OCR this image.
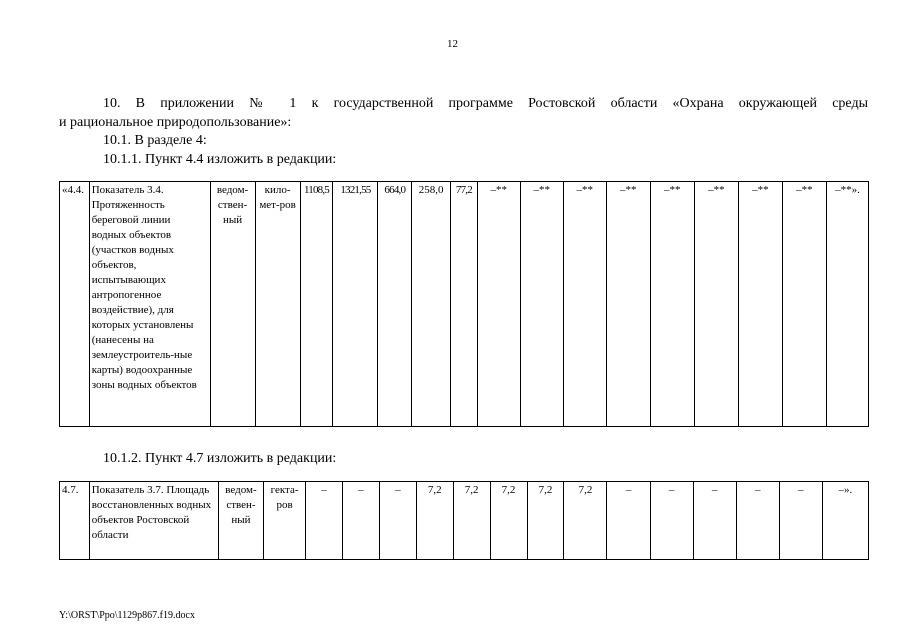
12
10. В приложении № 1 к государственной программе Ростовской области «Охрана окружающей среды
и рациональное природопользование»:
10.1. В разделе 4:
10.1.1. Пункт 4.4 изложить в редакции:
«4.4.	Показатель 3.4. Протяженность береговой линии водных объектов (участков водных объектов, испытывающих антропогенное воздействие), для которых установлены (нанесены на землеустроитель-ные карты) водоохранные зоны водных объектов	ведом-ствен-ный	кило-мет-ров	1108,5	1321,55	664,0	258,0	77,2	–**	–**	–**	–**	–**	–**	–**	–**	–**».
10.1.2. Пункт 4.7 изложить в редакции:
4.7.	Показатель 3.7. Площадь восстановленных водных объектов Ростовской области	ведом-ствен-ный	гекта-ров	–	–	–	7,2	7,2	7,2	7,2	7,2	–	–	–	–	–	–».
Y:\ORST\Ppo\1129p867.f19.docx
